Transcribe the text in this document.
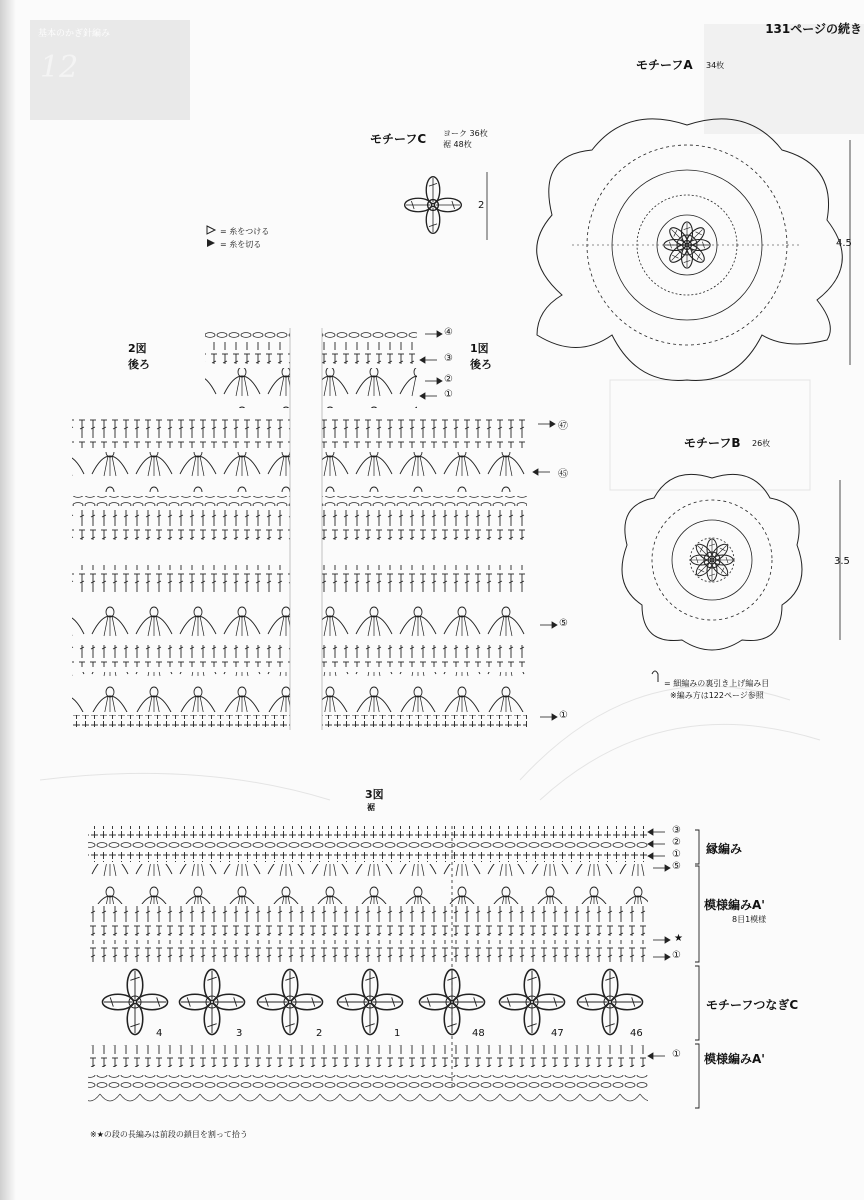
基本のかぎ針編み
12
131ページの続き
モチーフC ヨーク 36枚
裾 48枚
2
= 糸をつける
= 糸を切る
モチーフA 34枚
4.5
モチーフB 26枚
3.5
= 細編みの裏引き上げ編み目
※編み方は122ページ参照
2図
後ろ
1図
後ろ
④
③
②
①
㊼
㊺
⑤
①
3図
裾
③
②
①
⑤
★
①
①
縁編み
模様編みA'
8目1模様
モチーフつなぎC
模様編みA'
4	3	2	1	48	47	46
※★の段の長編みは前段の鎖目を割って拾う
